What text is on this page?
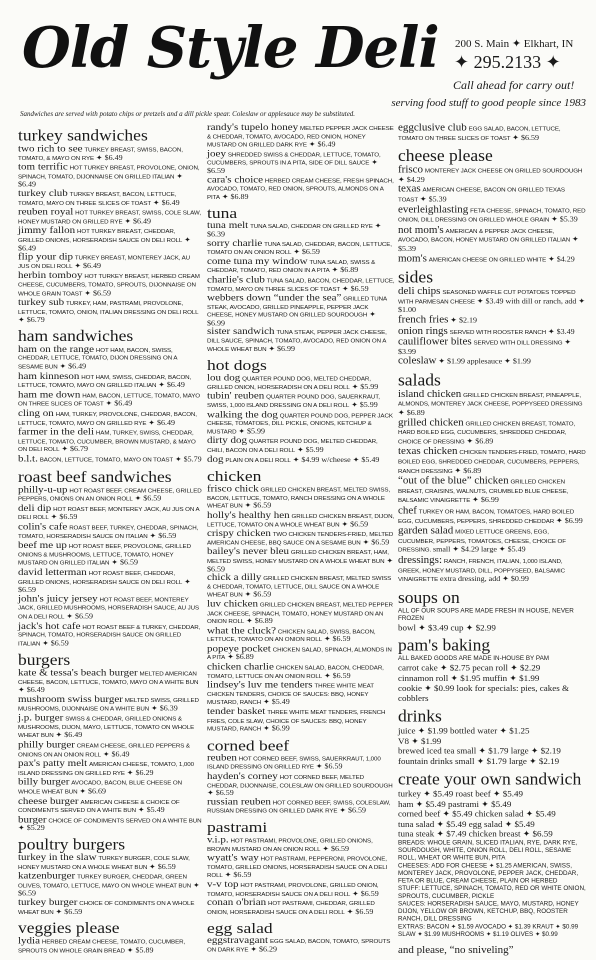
Old Style Deli 200 S. Main ✦ Elkhart, IN
✦ 295.2133 ✦
Call ahead for carry out!
serving food stuff to good people since 1983
Sandwiches are served with potato chips or pretzels and a dill pickle spear. Coleslaw or applesauce may be substituted.
turkey sandwiches
two rich to see TURKEY BREAST, SWISS, BACON, TOMATO, & MAYO ON RYE ✦ $6.49
tom terrific HOT TURKEY BREAST, PROVOLONE, ONION, SPINACH, TOMATO, DIJONNAISE ON GRILLED ITALIAN ✦ $6.49
turkey club TURKEY BREAST, BACON, LETTUCE, TOMATO, MAYO ON THREE SLICES OF TOAST ✦ $6.49
reuben royal HOT TURKEY BREAST, SWISS, COLE SLAW, HONEY MUSTARD ON GRILLED RYE ✦ $6.49
jimmy fallon HOT TURKEY BREAST, CHEDDAR, GRILLED ONIONS, HORSERADISH SAUCE ON DELI ROLL ✦ $6.49
flip your dip TURKEY BREAST, MONTEREY JACK, AU JUS ON DELI ROLL ✦ $6.49
herbin tomboy HOT TURKEY BREAST, HERBED CREAM CHEESE, CUCUMBERS, TOMATO, SPROUTS, DIJONNAISE ON WHOLE GRAIN TOAST ✦ $6.59
turkey sub TURKEY, HAM, PASTRAMI, PROVOLONE, LETTUCE, TOMATO, ONION, ITALIAN DRESSING ON DELI ROLL ✦ $6.79
ham sandwiches
ham on the range HOT HAM, BACON, SWISS, CHEDDAR, LETTUCE, TOMATO, DIJON DRESSING ON A SESAME BUN ✦ $6.49
ham kinneson HOT HAM, SWISS, CHEDDAR, BACON, LETTUCE, TOMATO, MAYO ON GRILLED ITALIAN ✦ $6.49
ham me down HAM, BACON, LETTUCE, TOMATO, MAYO ON THREE SLICES OF TOAST ✦ $6.49
cling on HAM, TURKEY, PROVOLONE, CHEDDAR, BACON, LETTUCE, TOMATO, MAYO ON GRILLED RYE ✦ $6.49
farmer in the deli HAM, TURKEY, SWISS, CHEDDAR, LETTUCE, TOMATO, CUCUMBER, BROWN MUSTARD, & MAYO ON DELI ROLL ✦ $6.79
b.l.t. BACON, LETTUCE, TOMATO, MAYO ON TOAST ✦ $5.79
roast beef sandwiches
philly-u-up HOT ROAST BEEF, CREAM CHEESE, GRILLED PEPPERS, ONIONS ON AN ONION ROLL ✦ $6.59
deli dip HOT ROAST BEEF, MONTEREY JACK, AU JUS ON A DELI ROLL ✦ $6.59
colin's cafe ROAST BEEF, TURKEY, CHEDDAR, SPINACH, TOMATO, HORSERADISH SAUCE ON ITALIAN ✦ $6.59
beef me up HOT ROAST BEEF, PROVOLONE, GRILLED ONIONS & MUSHROOMS, LETTUCE, TOMATO, HONEY MUSTARD ON GRILLED ITALIAN ✦ $6.59
david letterman HOT ROAST BEEF, CHEDDAR, GRILLED ONIONS, HORSERADISH SAUCE ON DELI ROLL ✦ $6.59
john's juicy jersey HOT ROAST BEEF, MONTEREY JACK, GRILLED MUSHROOMS, HORSERADISH SAUCE, AU JUS ON A DELI ROLL ✦ $6.59
jack's hot cafe HOT ROAST BEEF & TURKEY, CHEDDAR, SPINACH, TOMATO, HORSERADISH SAUCE ON GRILLED ITALIAN ✦ $6.59
burgers
kate & tessa's beach burger MELTED AMERICAN CHEESE, BACON, LETTUCE, TOMATO, MAYO ON A WHITE BUN ✦ $6.49
mushroom swiss burger MELTED SWISS, GRILLED MUSHROOMS, DIJONNAISE ON A WHITE BUN ✦ $6.39
j.p. burger SWISS & CHEDDAR, GRILLED ONIONS & MUSHROOMS, DIJON, MAYO, LETTUCE, TOMATO ON WHOLE WHEAT BUN ✦ $6.49
philly burger CREAM CHEESE, GRILLED PEPPERS & ONIONS ON AN ONION ROLL ✦ $6.49
pax's patty melt AMERICAN CHEESE, TOMATO, 1,000 ISLAND DRESSING ON GRILLED RYE ✦ $6.29
billy burger AVOCADO, BACON, BLUE CHEESE ON WHOLE WHEAT BUN ✦ $6.69
cheese burger AMERICAN CHEESE & CHOICE OF CONDIMENTS SERVED ON A WHITE BUN ✦ $5.49
burger CHOICE OF CONDIMENTS SERVED ON A WHITE BUN ✦ $5.29
poultry burgers
turkey in the slaw TURKEY BURGER, COLE SLAW, HONEY MUSTARD ON A WHOLE WHEAT BUN ✦ $6.59
katzenburger TURKEY BURGER, CHEDDAR, GREEN OLIVES, TOMATO, LETTUCE, MAYO ON WHOLE WHEAT BUN ✦ $6.59
turkey burger CHOICE OF CONDIMENTS ON A WHOLE WHEAT BUN ✦ $6.59
veggies please
lydia HERBED CREAM CHEESE, TOMATO, CUCUMBER, SPROUTS ON WHOLE GRAIN BREAD ✦ $5.89
randy's tupelo honey MELTED PEPPER JACK CHEESE & CHEDDAR, TOMATO, AVOCADO, RED ONION, HONEY MUSTARD ON GRILLED DARK RYE ✦ $6.49
joey SHREDDED SWISS & CHEDDAR, LETTUCE, TOMATO, CUCUMBERS, SPROUTS IN A PITA, SIDE OF DILL SAUCE ✦ $6.59
cara's choice HERBED CREAM CHEESE, FRESH SPINACH, AVOCADO, TOMATO, RED ONION, SPROUTS, ALMONDS ON A PITA ✦ $6.89
tuna
tuna melt TUNA SALAD, CHEDDAR ON GRILLED RYE ✦ $6.39
sorry charlie TUNA SALAD, CHEDDAR, BACON, LETTUCE, TOMATO ON AN ONION ROLL ✦ $6.59
come tuna my window TUNA SALAD, SWISS & CHEDDAR, TOMATO, RED ONION IN A PITA ✦ $6.89
charlie's club TUNA SALAD, BACON, CHEDDAR, LETTUCE, TOMATO, MAYO ON THREE SLICES OF TOAST ✦ $6.59
webbers down “under the sea” GRILLED TUNA STEAK, AVOCADO, GRILLED PINEAPPLE, PEPPER JACK CHEESE, HONEY MUSTARD ON GRILLED SOURDOUGH ✦ $6.99
sister sandwich TUNA STEAK, PEPPER JACK CHEESE, DILL SAUCE, SPINACH, TOMATO, AVOCADO, RED ONION ON A WHOLE WHEAT BUN ✦ $6.99
hot dogs
lou dog QUARTER POUND DOG, MELTED CHEDDAR, GRILLED ONION, HORSERADISH ON A DELI ROLL ✦ $5.99
tubin' reuben QUARTER POUND DOG, SAUERKRAUT, SWISS, 1,000 ISLAND DRESSING ON A DELI ROLL ✦ $5.99
walking the dog QUARTER POUND DOG, PEPPER JACK CHEESE, TOMATOES, DILL PICKLE, ONIONS, KETCHUP & MUSTARD ✦ $5.99
dirty dog QUARTER POUND DOG, MELTED CHEDDAR, CHILI, BACON ON A DELI ROLL ✦ $5.99
dog PLAIN ON A DELI ROLL ✦ $4.99 w/cheese ✦ $5.49
chicken
frisco chick GRILLED CHICKEN BREAST, MELTED SWISS, BACON, LETTUCE, TOMATO, RANCH DRESSING ON A WHOLE WHEAT BUN ✦ $6.59
holly's healthy hen GRILLED CHICKEN BREAST, DIJON, LETTUCE, TOMATO ON A WHOLE WHEAT BUN ✦ $6.59
crispy chicken TWO CHICKEN TENDERS-FRIED, MELTED AMERICAN CHEESE, BBQ SAUCE ON A SESAME BUN ✦ $6.59
bailey's never bleu GRILLED CHICKEN BREAST, HAM, MELTED SWISS, HONEY MUSTARD ON A WHOLE WHEAT BUN ✦ $6.59
chick a dilly GRILLED CHICKEN BREAST, MELTED SWISS & CHEDDAR, TOMATO, LETTUCE, DILL SAUCE ON A WHOLE WHEAT BUN ✦ $6.59
luv chicken GRILLED CHICKEN BREAST, MELTED PEPPER JACK CHEESE, SPINACH, TOMATO, HONEY MUSTARD ON AN ONION ROLL ✦ $6.89
what the cluck? CHICKEN SALAD, SWISS, BACON, LETTUCE, TOMATO ON AN ONION ROLL ✦ $6.59
popeye pocket CHICKEN SALAD, SPINACH, ALMONDS IN A PITA ✦ $6.89
chicken charlie CHICKEN SALAD, BACON, CHEDDAR, TOMATO, LETTUCE ON AN ONION ROLL ✦ $6.59
lindsey's luv me tenders THREE WHITE MEAT CHICKEN TENDERS, CHOICE OF SAUCES: BBQ, HONEY MUSTARD, RANCH ✦ $5.49
tender basket THREE WHITE MEAT TENDERS, FRENCH FRIES, COLE SLAW, CHOICE OF SAUCES: BBQ, HONEY MUSTARD, RANCH ✦ $6.99
corned beef
reuben HOT CORNED BEEF, SWISS, SAUERKRAUT, 1,000 ISLAND DRESSING ON GRILLED RYE ✦ $6.59
hayden's corney HOT CORNED BEEF, MELTED CHEDDAR, DIJONNAISE, COLESLAW ON GRILLED SOURDOUGH ✦ $6.59
russian reuben HOT CORNED BEEF, SWISS, COLESLAW, RUSSIAN DRESSING ON GRILLED DARK RYE ✦ $6.59
pastrami
v.i.p. HOT PASTRAMI, PROVOLONE, GRILLED ONIONS, BROWN MUSTARD ON AN ONION ROLL ✦ $6.59
wyatt's way HOT PASTRAMI, PEPPERONI, PROVOLONE, TOMATO, GRILLED ONIONS, HORSERADISH SAUCE ON A DELI ROLL ✦ $6.59
v-v top HOT PASTRAMI, PROVOLONE, GRILLED ONION, TOMATO, HORSERADISH SAUCE ON A DELI ROLL ✦ $6.59
conan o'brian HOT PASTRAMI, CHEDDAR, GRILLED ONION, HORSERADISH SAUCE ON A DELI ROLL ✦ $6.59
egg salad
eggstravagant EGG SALAD, BACON, TOMATO, SPROUTS ON DARK RYE ✦ $6.29
eggclusive club EGG SALAD, BACON, LETTUCE, TOMATO ON THREE SLICES OF TOAST ✦ $6.59
cheese please
frisco MONTEREY JACK CHEESE ON GRILLED SOURDOUGH ✦ $4.29
texas AMERICAN CHEESE, BACON ON GRILLED TEXAS TOAST ✦ $5.39
everleighlasting FETA CHEESE, SPINACH, TOMATO, RED ONION, DILL DRESSING ON GRILLED WHOLE GRAIN ✦ $5.39
not mom's AMERICAN & PEPPER JACK CHEESE, AVOCADO, BACON, HONEY MUSTARD ON GRILLED ITALIAN ✦ $5.39
mom's AMERICAN CHEESE ON GRILLED WHITE ✦ $4.29
sides
deli chips SEASONED WAFFLE CUT POTATOES TOPPED WITH PARMESAN CHEESE ✦ $3.49 with dill or ranch, add ✦ $1.00
french fries ✦ $2.19
onion rings SERVED WITH ROOSTER RANCH ✦ $3.49
cauliflower bites SERVED WITH DILL DRESSING ✦ $3.99
coleslaw ✦ $1.99 applesauce ✦ $1.99
salads
island chicken GRILLED CHICKEN BREAST, PINEAPPLE, ALMONDS, MONTEREY JACK CHEESE, POPPYSEED DRESSING ✦ $6.89
grilled chicken GRILLED CHICKEN BREAST, TOMATO, HARD BOILED EGG, CUCUMBERS, SHREDDED CHEDDAR, CHOICE OF DRESSING ✦ $6.89
texas chicken CHICKEN TENDERS-FRIED, TOMATO, HARD BOILED EGG, SHREDDED CHEDDAR, CUCUMBERS, PEPPERS, RANCH DRESSING ✦ $6.89
“out of the blue” chicken GRILLED CHICKEN BREAST, CRAISINS, WALNUTS, CRUMBLED BLUE CHEESE, BALSAMIC VINAIGRETTE ✦ $6.99
chef TURKEY OR HAM, BACON, TOMATOES, HARD BOILED EGG, CUCUMBERS, PEPPERS, SHREDDED CHEDDAR ✦ $6.99
garden salad MIXED LETTUCE GREENS, EGG, CUCUMBER, PEPPERS, TOMATOES, CHEESE, CHOICE OF DRESSING. small ✦ $4.29 large ✦ $5.49
dressings: RANCH, FRENCH, ITALIAN, 1,000 ISLAND, GREEK, HONEY MUSTARD, DILL, POPPYSEED, BALSAMIC VINAIGRETTE extra dressing, add ✦ $0.99
soups on
ALL OF OUR SOUPS ARE MADE FRESH IN HOUSE, NEVER FROZEN
bowl ✦ $3.49 cup ✦ $2.99
pam's baking
ALL BAKED GOODS ARE MADE IN-HOUSE BY PAM
carrot cake ✦ $2.75 pecan roll ✦ $2.29
cinnamon roll ✦ $1.95 muffin ✦ $1.99
cookie ✦ $0.99 look for specials: pies, cakes & cobblers
drinks
juice ✦ $1.99 bottled water ✦ $1.25
V8 ✦ $1.99
brewed iced tea small ✦ $1.79 large ✦ $2.19
fountain drinks small ✦ $1.79 large ✦ $2.19
create your own sandwich
turkey ✦ $5.49 roast beef ✦ $5.49
ham ✦ $5.49 pastrami ✦ $5.49
corned beef ✦ $5.49 chicken salad ✦ $5.49
tuna salad ✦ $5.49 egg salad ✦ $5.49
tuna steak ✦ $7.49 chicken breast ✦ $6.59
BREADS: WHOLE GRAIN, SLICED ITALIAN, RYE, DARK RYE, SOURDOUGH, WHITE, ONION ROLL, DELI ROLL, SESAME ROLL, WHEAT OR WHITE BUN, PITA
CHEESES: ADD FOR CHEESE ✦ $1.25 AMERICAN, SWISS, MONTEREY JACK, PROVOLONE, PEPPER JACK, CHEDDAR, FETA OR BLUE, CREAM CHEESE, PLAIN OR HERBED
STUFF: LETTUCE, SPINACH, TOMATO, RED OR WHITE ONION, SPROUTS, CUCUMBER, PICKLE
SAUCES: HORSERADISH SAUCE, MAYO, MUSTARD, HONEY DIJON, YELLOW OR BROWN, KETCHUP, BBQ, ROOSTER RANCH, DILL DRESSING
EXTRAS: BACON ✦ $1.59 AVOCADO ✦ $1.39 KRAUT ✦ $0.99 SLAW ✦ $1.99 MUSHROOMS ✦ $1.19 OLIVES ✦ $0.99
and please, “no sniveling”
